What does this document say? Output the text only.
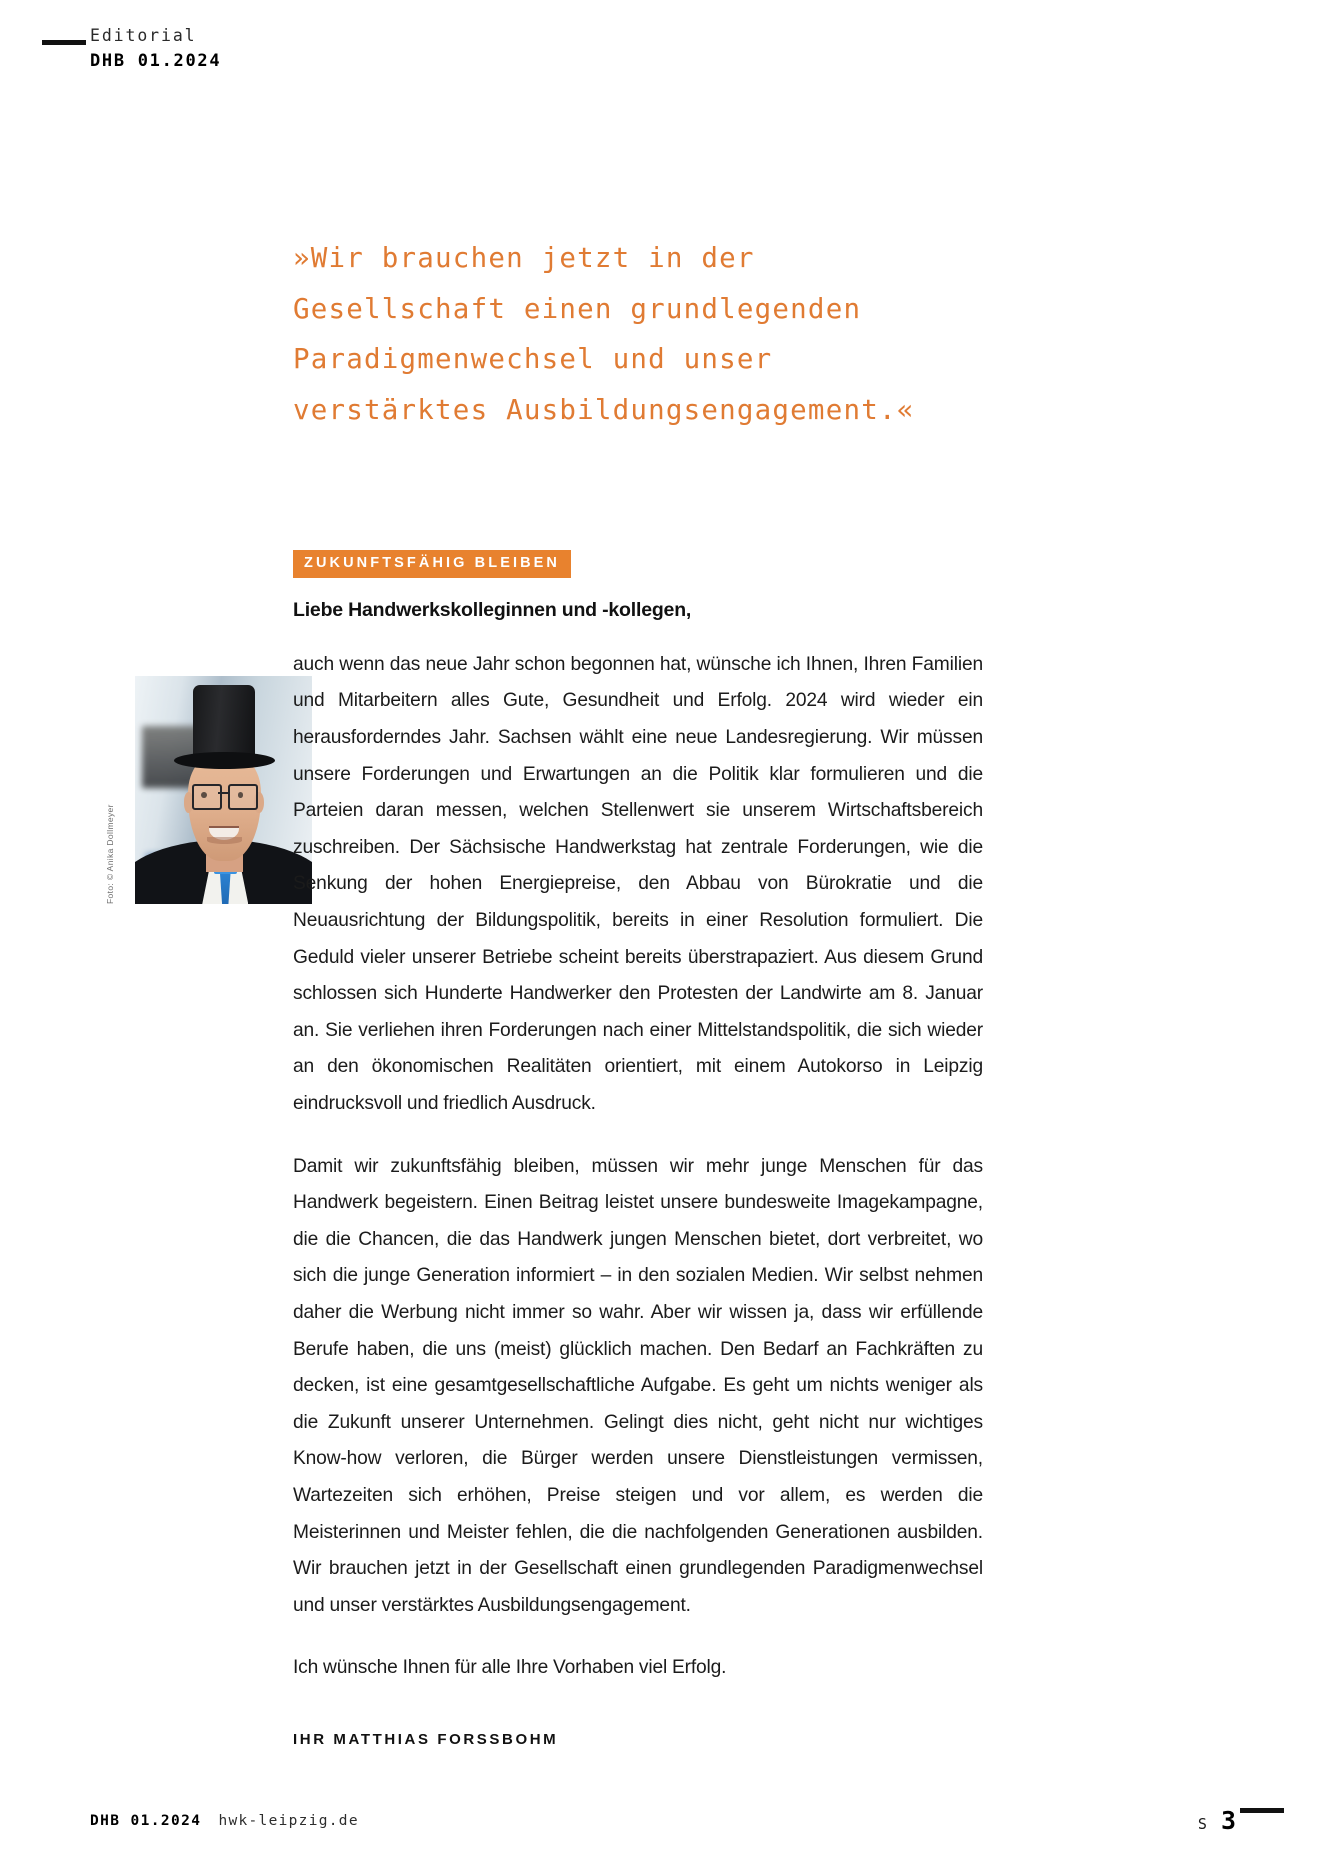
Editorial
DHB 01.2024
»Wir brauchen jetzt in der
Gesellschaft einen grundlegenden
Paradigmenwechsel und unser
verstärktes Ausbildungsengagement.«
Foto: © Anika Dollmeyer
ZUKUNFTSFÄHIG BLEIBEN

Liebe Handwerkskolleginnen und -kollegen,

auch wenn das neue Jahr schon begonnen hat, wünsche ich Ihnen, Ihren Familien und Mitarbeitern alles Gute, Gesundheit und Erfolg. 2024 wird wieder ein herausforderndes Jahr. Sachsen wählt eine neue Landesregierung. Wir müssen unsere Forderungen und Erwartungen an die Politik klar formulieren und die Parteien daran messen, welchen Stellenwert sie unserem Wirtschaftsbereich zuschreiben. Der Sächsische Handwerkstag hat zentrale Forderungen, wie die Senkung der hohen Energiepreise, den Abbau von Bürokratie und die Neuausrichtung der Bildungspolitik, bereits in einer Resolution formuliert. Die Geduld vieler unserer Betriebe scheint bereits überstrapaziert. Aus diesem Grund schlossen sich Hunderte Handwerker den Protesten der Landwirte am 8. Januar an. Sie verliehen ihren Forderungen nach einer Mittelstandspolitik, die sich wieder an den ökonomischen Realitäten orientiert, mit einem Autokorso in Leipzig eindrucksvoll und friedlich Ausdruck.

Damit wir zukunftsfähig bleiben, müssen wir mehr junge Menschen für das Handwerk begeistern. Einen Beitrag leistet unsere bundesweite Imagekampagne, die die Chancen, die das Handwerk jungen Menschen bietet, dort verbreitet, wo sich die junge Generation informiert – in den sozialen Medien. Wir selbst nehmen daher die Werbung nicht immer so wahr. Aber wir wissen ja, dass wir erfüllende Berufe haben, die uns (meist) glücklich machen. Den Bedarf an Fachkräften zu decken, ist eine gesamtgesellschaftliche Aufgabe. Es geht um nichts weniger als die Zukunft unserer Unternehmen. Gelingt dies nicht, geht nicht nur wichtiges Know-how verloren, die Bürger werden unsere Dienstleistungen vermissen, Wartezeiten sich erhöhen, Preise steigen und vor allem, es werden die Meisterinnen und Meister fehlen, die die nachfolgenden Generationen ausbilden. Wir brauchen jetzt in der Gesellschaft einen grundlegenden Paradigmenwechsel und unser verstärktes Ausbildungsengagement.

Ich wünsche Ihnen für alle Ihre Vorhaben viel Erfolg.

IHR MATTHIAS FORSSBOHM
DHB 01.2024 hwk-leipzig.de	S 3
